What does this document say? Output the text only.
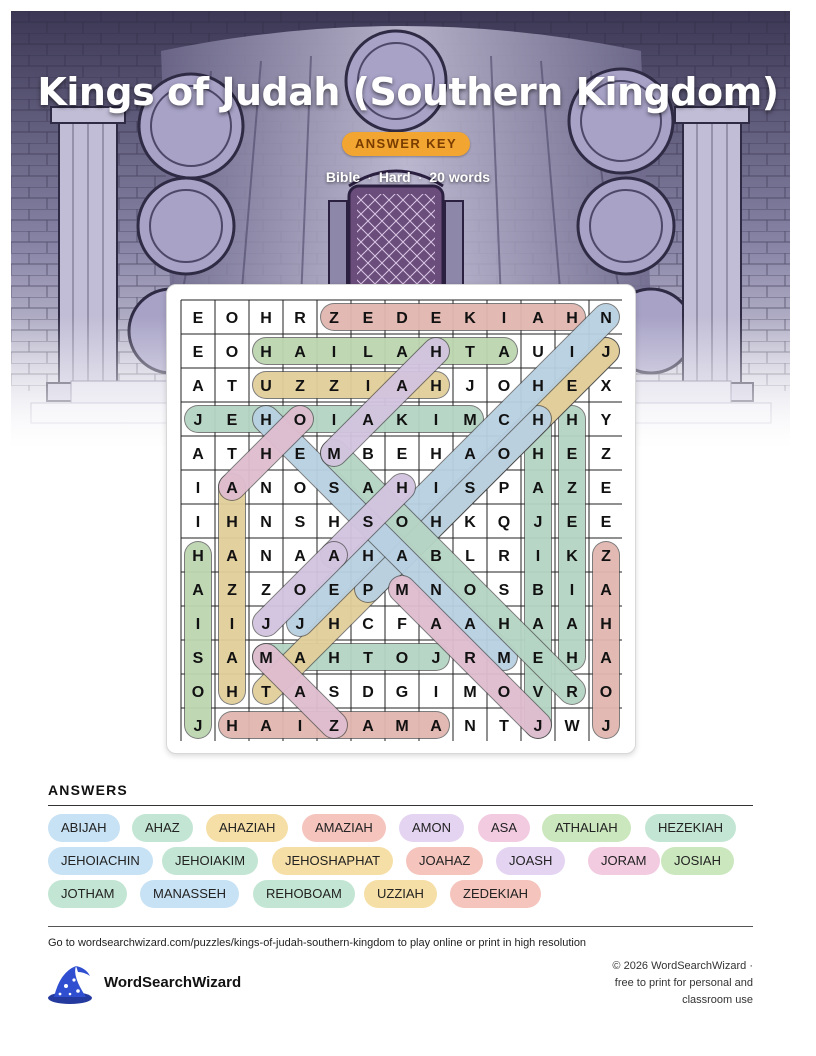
Kings of Judah (Southern Kingdom)
ANSWER KEY
Bible · Hard · 20 words
E O H R Z E D E K I A H N
E O H A I L A H T A U I J
A T U Z Z I A H J O H E X
J E H O I A K I M C H H Y
A T H E M B E H A O H E Z
I A N O S A H I S P A Z E
I H N S H S O H K Q J E E
H A N A A H A B L R I K Z
A Z Z O E P M N O S B I A
I I J J H C F A A H A A H
S A M A H T O J R M E H A
O H T A S D G I M O V R O
J H A I Z A M A N T J W J
ANSWERS
ABIJAH	AHAZ	AHAZIAH	AMAZIAH	AMON	ASA	ATHALIAH	HEZEKIAH
JEHOIACHIN	JEHOIAKIM	JEHOSHAPHAT	JOAHAZ	JOASH	JORAM	JOSIAH
JOTHAM	MANASSEH	REHOBOAM	UZZIAH	ZEDEKIAH
Go to wordsearchwizard.com/puzzles/kings-of-judah-southern-kingdom to play online or print in high resolution
WordSearchWizard
© 2026 WordSearchWizard ·
free to print for personal and
classroom use
